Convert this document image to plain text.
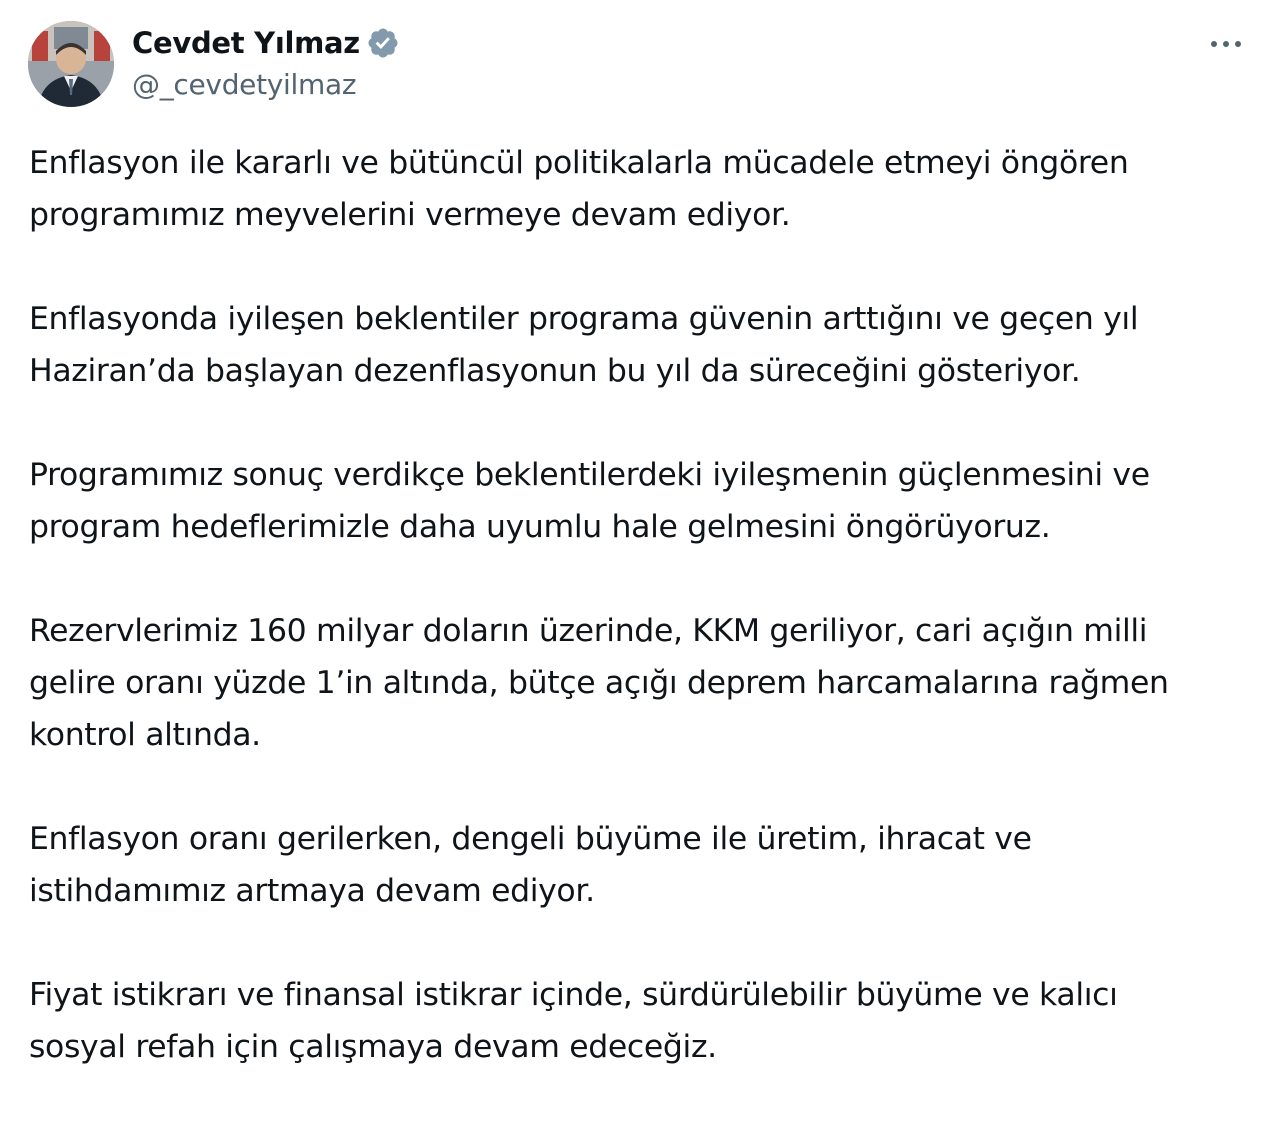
Cevdet Yılmaz
@_cevdetyilmaz

Enflasyon ile kararlı ve bütüncül politikalarla mücadele etmeyi öngören
programımız meyvelerini vermeye devam ediyor.

Enflasyonda iyileşen beklentiler programa güvenin arttığını ve geçen yıl
Haziran’da başlayan dezenflasyonun bu yıl da süreceğini gösteriyor.

Programımız sonuç verdikçe beklentilerdeki iyileşmenin güçlenmesini ve
program hedeflerimizle daha uyumlu hale gelmesini öngörüyoruz.

Rezervlerimiz 160 milyar doların üzerinde, KKM geriliyor, cari açığın milli
gelire oranı yüzde 1’in altında, bütçe açığı deprem harcamalarına rağmen
kontrol altında.

Enflasyon oranı gerilerken, dengeli büyüme ile üretim, ihracat ve
istihdamımız artmaya devam ediyor.

Fiyat istikrarı ve finansal istikrar içinde, sürdürülebilir büyüme ve kalıcı
sosyal refah için çalışmaya devam edeceğiz.
